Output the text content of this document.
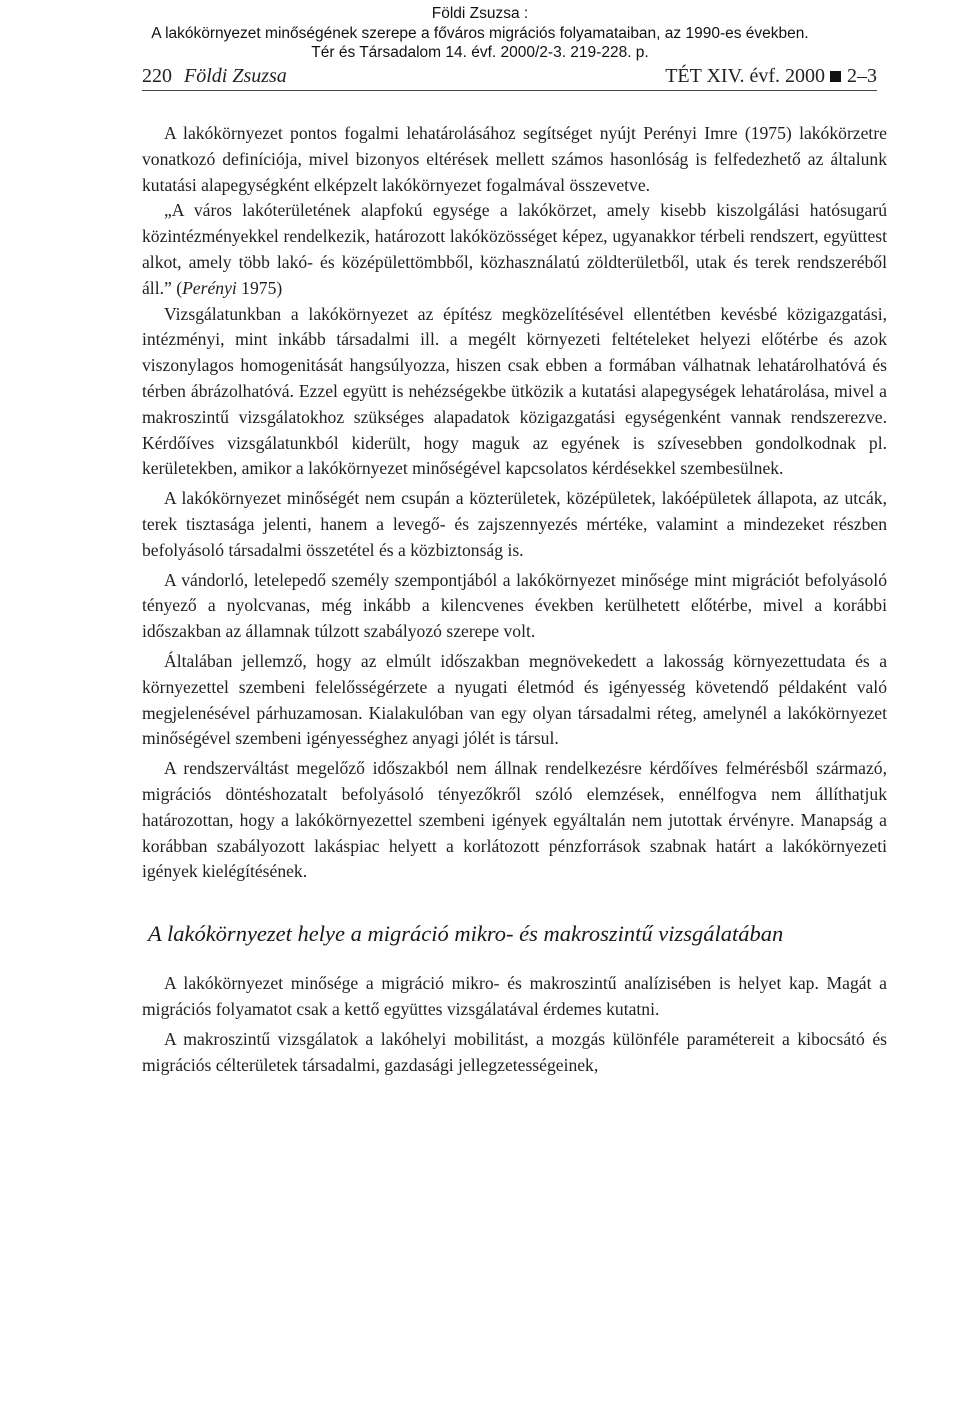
Földi Zsuzsa :
A lakókörnyezet minőségének szerepe a főváros migrációs folyamataiban, az 1990-es években.
Tér és Társadalom 14. évf. 2000/2-3. 219-228. p.
220 Földi Zsuzsa	TÉT XIV. évf. 2000 2–3

A lakókörnyezet pontos fogalmi lehatárolásához segítséget nyújt Perényi Imre (1975) lakókörzetre vonatkozó definíciója, mivel bizonyos eltérések mellett számos hasonlóság is felfedezhető az általunk kutatási alapegységként elképzelt lakókörnyezet fogalmával összevetve.

„A város lakóterületének alapfokú egysége a lakókörzet, amely kisebb kiszolgálási hatósugarú közintézményekkel rendelkezik, határozott lakóközösséget képez, ugyanakkor térbeli rendszert, együttest alkot, amely több lakó- és középülettömbből, közhasználatú zöldterületből, utak és terek rendszeréből áll.” (Perényi 1975)

Vizsgálatunkban a lakókörnyezet az építész megközelítésével ellentétben kevésbé közigazgatási, intézményi, mint inkább társadalmi ill. a megélt környezeti feltételeket helyezi előtérbe és azok viszonylagos homogenitását hangsúlyozza, hiszen csak ebben a formában válhatnak lehatárolhatóvá és térben ábrázolhatóvá. Ezzel együtt is nehézségekbe ütközik a kutatási alapegységek lehatárolása, mivel a makroszintű vizsgálatokhoz szükséges alapadatok közigazgatási egységenként vannak rendszerezve. Kérdőíves vizsgálatunkból kiderült, hogy maguk az egyének is szívesebben gondolkodnak pl. kerületekben, amikor a lakókörnyezet minőségével kapcsolatos kérdésekkel szembesülnek.

A lakókörnyezet minőségét nem csupán a közterületek, középületek, lakóépületek állapota, az utcák, terek tisztasága jelenti, hanem a levegő- és zajszennyezés mértéke, valamint a mindezeket részben befolyásoló társadalmi összetétel és a közbiztonság is.

A vándorló, letelepedő személy szempontjából a lakókörnyezet minősége mint migrációt befolyásoló tényező a nyolcvanas, még inkább a kilencvenes években kerülhetett előtérbe, mivel a korábbi időszakban az államnak túlzott szabályozó szerepe volt.

Általában jellemző, hogy az elmúlt időszakban megnövekedett a lakosság környezettudata és a környezettel szembeni felelősségérzete a nyugati életmód és igényesség követendő példaként való megjelenésével párhuzamosan. Kialakulóban van egy olyan társadalmi réteg, amelynél a lakókörnyezet minőségével szembeni igényességhez anyagi jólét is társul.

A rendszerváltást megelőző időszakból nem állnak rendelkezésre kérdőíves felmérésből származó, migrációs döntéshozatalt befolyásoló tényezőkről szóló elemzések, ennélfogva nem állíthatjuk határozottan, hogy a lakókörnyezettel szembeni igények egyáltalán nem jutottak érvényre. Manapság a korábban szabályozott lakáspiac helyett a korlátozott pénzforrások szabnak határt a lakókörnyezeti igények kielégítésének.

A lakókörnyezet helye a migráció mikro- és makroszintű vizsgálatában

A lakókörnyezet minősége a migráció mikro- és makroszintű analízisében is helyet kap. Magát a migrációs folyamatot csak a kettő együttes vizsgálatával érdemes kutatni.

A makroszintű vizsgálatok a lakóhelyi mobilitást, a mozgás különféle paramétereit a kibocsátó és migrációs célterületek társadalmi, gazdasági jellegzetességeinek,
